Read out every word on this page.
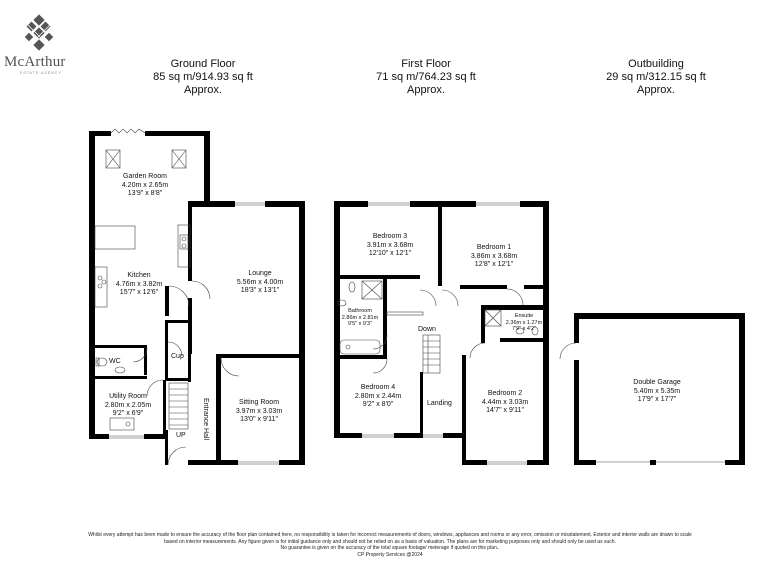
McArthur
ESTATE AGENCY
Ground Floor
85 sq m/914.93 sq ft
Approx.
First Floor
71 sq m/764.23 sq ft
Approx.
Outbuilding
29 sq m/312.15 sq ft
Approx.
Garden Room
4.20m x 2.65m
13'9" x 8'8"
Kitchen
4.76m x 3.82m
15'7" x 12'6"
Lounge
5.56m x 4.00m
18'3" x 13'1"
WC
Cup
Utility Room
2.80m x 2.05m
9'2" x 6'9"
Sitting Room
3.97m x 3.03m
13'0" x 9'11"
Entrance Hall
UP
Bedroom 3
3.91m x 3.68m
12'10" x 12'1"
Bedroom 1
3.86m x 3.68m
12'8" x 12'1"
Bathroom
2.86m x 2.81m
9'5" x 9'3"
Ensuite
2.36m x 1.27m
7'9" x 4'2"
Down
Bedroom 4
2.80m x 2.44m
9'2" x 8'0"	Landing
Bedroom 2
4.44m x 3.03m
14'7" x 9'11"
Double Garage
5.40m x 5.35m
17'9" x 17'7"
Whilst every attempt has been made to ensure the accuracy of the floor plan contained here, no responsibility is taken for incorrect measurements of doors, windows, appliances and rooms or any error, omission or misstatement. Exterior and interior walls are drawn to scale
based on interior measurements. Any figure given is for initial guidance only and should not be relied on as a basis of valuation. The plans are for marketing purposes only and should only be used as such.
No guarantee is given on the accuracy of the total square footage/ meterage if quoted on this plan..
CP Property Services @2024
